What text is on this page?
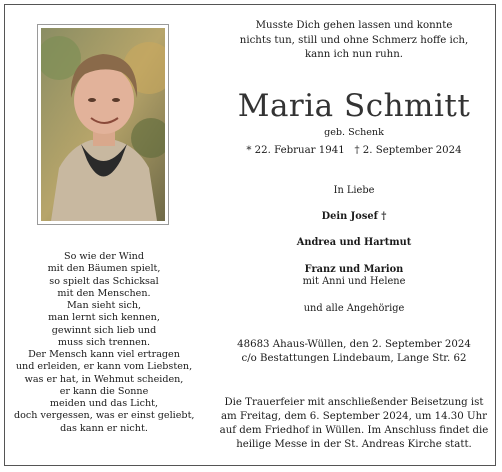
So wie der Wind
mit den Bäumen spielt,
so spielt das Schicksal
mit den Menschen.
Man sieht sich,
man lernt sich kennen,
gewinnt sich lieb und
muss sich trennen.
Der Mensch kann viel ertragen
und erleiden, er kann vom Liebsten,
was er hat, in Wehmut scheiden,
er kann die Sonne
meiden und das Licht,
doch vergessen, was er einst geliebt,
das kann er nicht.
Musste Dich gehen lassen und konnte
nichts tun, still und ohne Schmerz hoffe ich,
kann ich nun ruhn.
Maria Schmitt
geb. Schenk
* 22. Februar 1941 † 2. September 2024
In Liebe
Dein Josef †
Andrea und Hartmut
Franz und Marion
mit Anni und Helene
und alle Angehörige
48683 Ahaus-Wüllen, den 2. September 2024
c/o Bestattungen Lindebaum, Lange Str. 62
Die Trauerfeier mit anschließender Beisetzung ist
am Freitag, dem 6. September 2024, um 14.30 Uhr
auf dem Friedhof in Wüllen. Im Anschluss findet die
heilige Messe in der St. Andreas Kirche statt.
